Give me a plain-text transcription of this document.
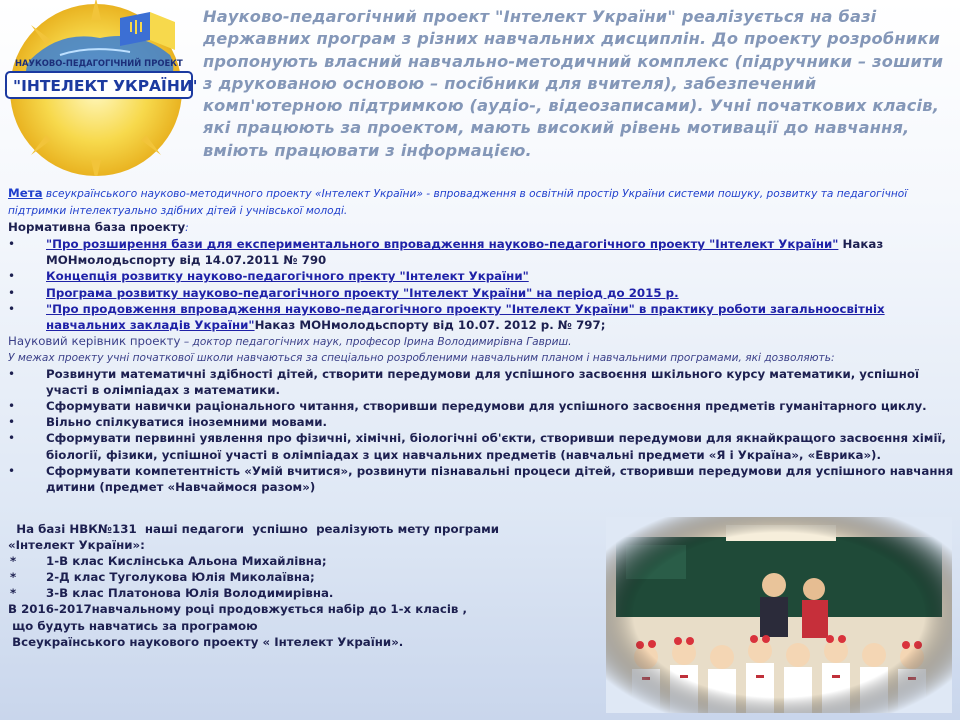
НАУКОВО-ПЕДАГОГІЧНИЙ ПРОЕКТ
"ІНТЕЛЕКТ УКРАЇНИ"
Науково-педагогічний проект "Інтелект України" реалізується на базі державних програм з різних навчальних дисциплін. До проекту розробники пропонують власний навчально-методичний комплекс (підручники – зошити з друкованою основою – посібники для вчителя), забезпечений комп'ютерною підтримкою (аудіо-, відеозаписами). Учні початкових класів, які працюють за проектом, мають високий рівень мотивації до навчання, вміють працювати з інформацією.
Мета всеукраїнського науково-методичного проекту «Інтелект України» - впровадження в освітній простір України системи пошуку, розвитку та педагогічної підтримки інтелектуально здібних дітей і учнівської молоді.
Нормативна база проекту:
• "Про розширення бази для експериментального впровадження науково-педагогічного проекту "Інтелект України" Наказ МОНмолодьспорту від 14.07.2011 № 790
• Концепція розвитку науково-педагогічного пректу "Інтелект України"
• Програма розвитку науково-педагогічного проекту "Інтелект України" на період до 2015 р.
• "Про продовження впровадження науково-педагогічного проекту "Інтелект України" в практику роботи загальноосвітніх навчальних закладів України"Наказ МОНмолодьспорту від 10.07. 2012 р. № 797;
Науковий керівник проекту – доктор педагогічних наук, професор Ірина Володимирівна Гавриш.
У межах проекту учні початкової школи навчаються за спеціально розробленими навчальним планом і навчальними програмами, які дозволяють:
• Розвинути математичні здібності дітей, створити передумови для успішного засвоєння шкільного курсу математики, успішної участі в олімпіадах з математики.
• Сформувати навички раціонального читання, створивши передумови для успішного засвоєння предметів гуманітарного циклу.
• Вільно спілкуватися іноземними мовами.
• Сформувати первинні уявлення про фізичні, хімічні, біологічні об'єкти, створивши передумови для якнайкращого засвоєння хімії, біології, фізики, успішної участі в олімпіадах з цих навчальних предметів (навчальні предмети «Я і Україна», «Еврика»).
• Сформувати компетентність «Умій вчитися», розвинути пізнавальні процеси дітей, створивши передумови для успішного навчання дитини (предмет «Навчаймося разом»)
На базі НВК№131  наші педагоги  успішно  реалізують мету програми
«Інтелект України»:
*	1-В клас Кислінська Альона Михайлівна;
*	2-Д клас Туголукова Юлія Миколаївна;
*	3-В клас Платонова Юлія Володимирівна.
В 2016-2017навчальному році продовжується набір до 1-х класів ,
що будуть навчатись за програмою
Всеукраїнського наукового проекту « Інтелект України».
